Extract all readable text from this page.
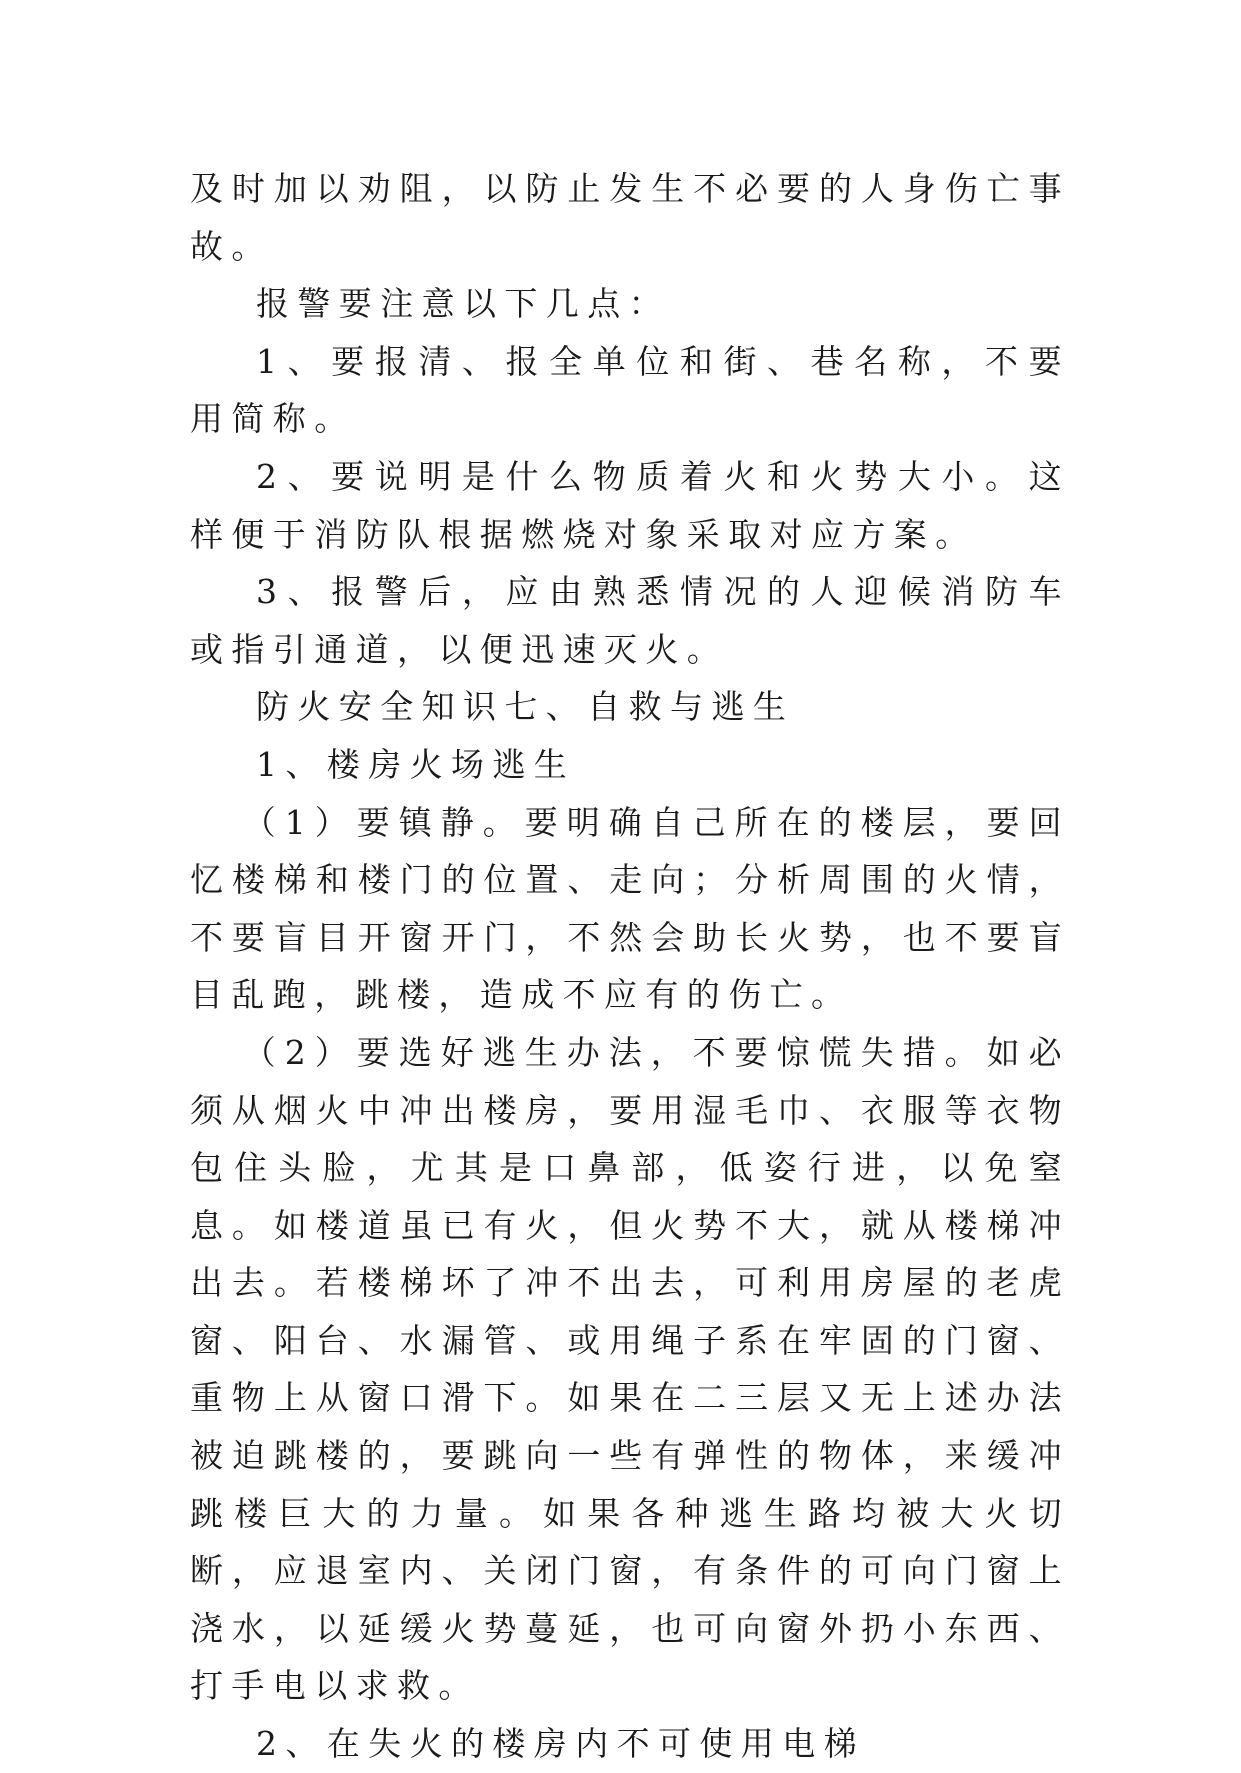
及时加以劝阻，以防止发生不必要的人身伤亡事故。

报警要注意以下几点：

1、要报清、报全单位和街、巷名称，不要用简称。

2、要说明是什么物质着火和火势大小。这样便于消防队根据燃烧对象采取对应方案。

3、报警后，应由熟悉情况的人迎候消防车或指引通道，以便迅速灭火。

防火安全知识七、自救与逃生

1、楼房火场逃生

（1）要镇静。要明确自己所在的楼层，要回忆楼梯和楼门的位置、走向；分析周围的火情，不要盲目开窗开门，不然会助长火势，也不要盲目乱跑，跳楼，造成不应有的伤亡。

（2）要选好逃生办法，不要惊慌失措。如必须从烟火中冲出楼房，要用湿毛巾、衣服等衣物包住头脸，尤其是口鼻部，低姿行进，以免窒息。如楼道虽已有火，但火势不大，就从楼梯冲出去。若楼梯坏了冲不出去，可利用房屋的老虎窗、阳台、水漏管、或用绳子系在牢固的门窗、重物上从窗口滑下。如果在二三层又无上述办法被迫跳楼的，要跳向一些有弹性的物体，来缓冲跳楼巨大的力量。如果各种逃生路均被大火切断，应退室内、关闭门窗，有条件的可向门窗上浇水，以延缓火势蔓延，也可向窗外扔小东西、打手电以求救。

2、在失火的楼房内不可使用电梯
